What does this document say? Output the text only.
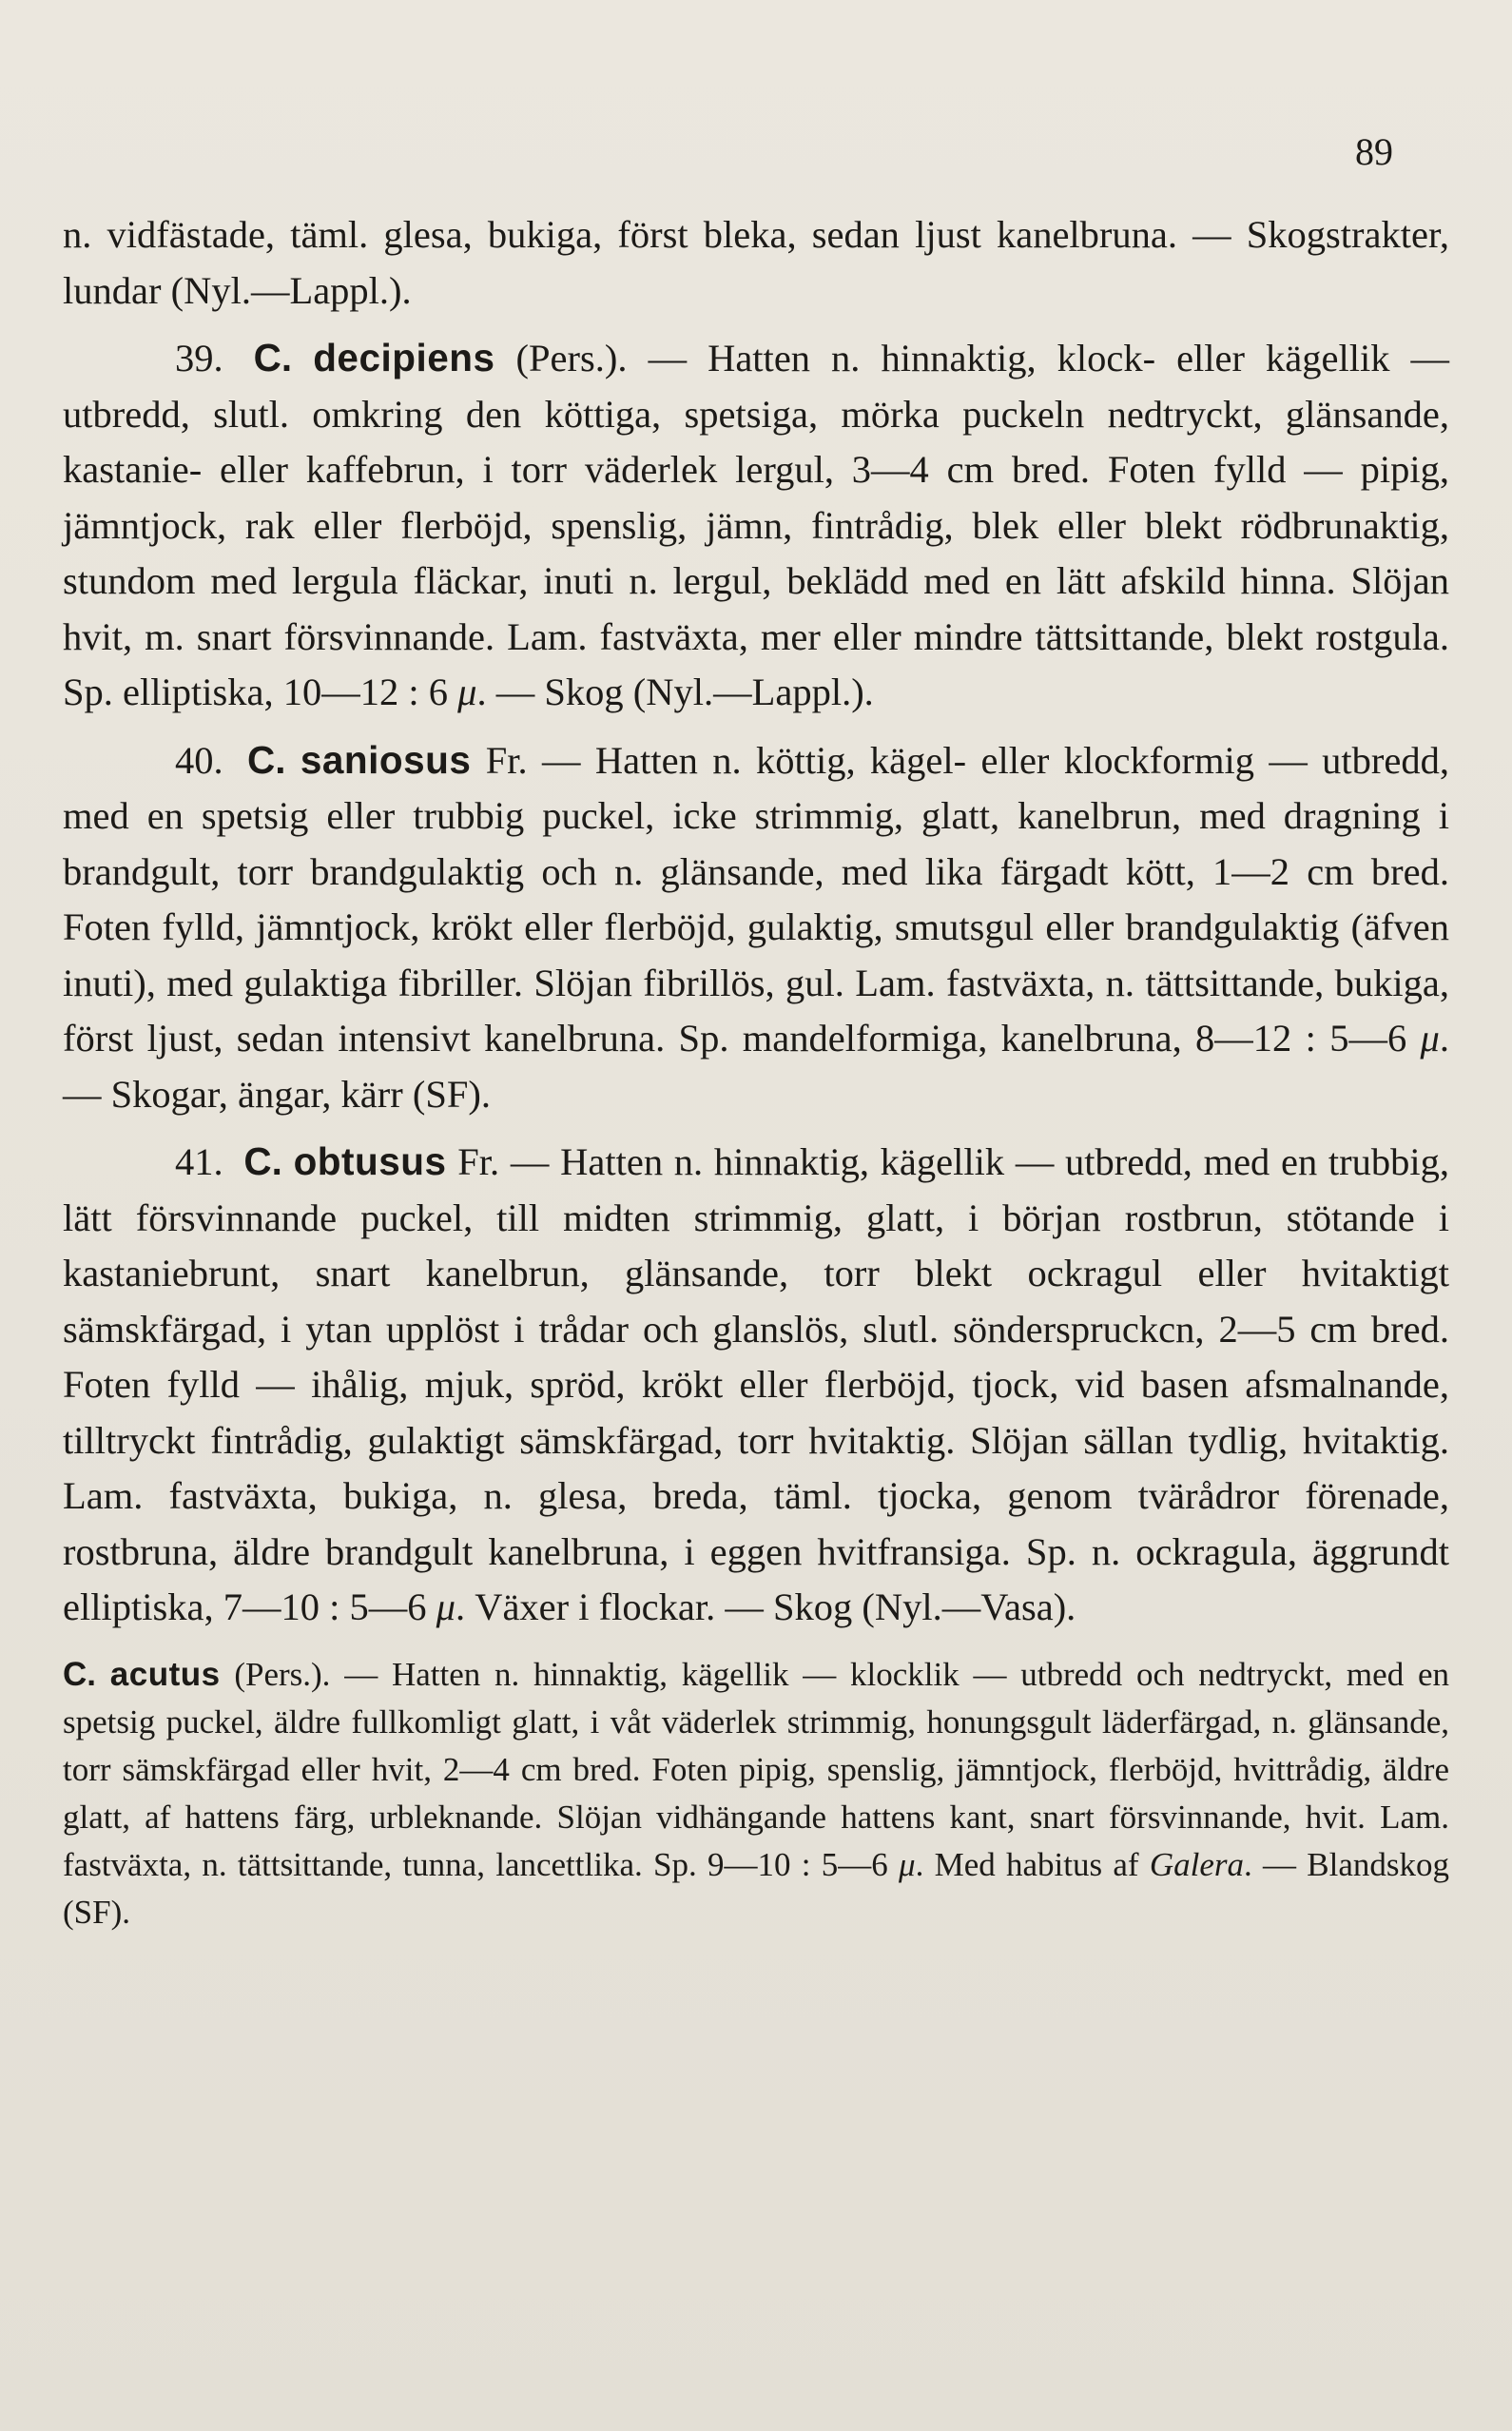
89

n. vidfästade, täml. glesa, bukiga, först bleka, sedan ljust kanelbruna. — Skogstrakter, lundar (Nyl.—Lappl.).

39. C. decipiens (Pers.). — Hatten n. hinnaktig, klock- eller kägellik — utbredd, slutl. omkring den köttiga, spetsiga, mörka puckeln nedtryckt, glänsande, kastanie- eller kaffebrun, i torr väderlek lergul, 3—4 cm bred. Foten fylld — pipig, jämntjock, rak eller flerböjd, spenslig, jämn, fintrådig, blek eller blekt rödbrunaktig, stundom med lergula fläckar, inuti n. lergul, beklädd med en lätt afskild hinna. Slöjan hvit, m. snart försvinnande. Lam. fastväxta, mer eller mindre tättsittande, blekt rostgula. Sp. elliptiska, 10—12 : 6 μ. — Skog (Nyl.—Lappl.).

40. C. saniosus Fr. — Hatten n. köttig, kägel- eller klockformig — utbredd, med en spetsig eller trubbig puckel, icke strimmig, glatt, kanelbrun, med dragning i brandgult, torr brandgulaktig och n. glänsande, med lika färgadt kött, 1—2 cm bred. Foten fylld, jämntjock, krökt eller flerböjd, gulaktig, smutsgul eller brandgulaktig (äfven inuti), med gulaktiga fibriller. Slöjan fibrillös, gul. Lam. fastväxta, n. tättsittande, bukiga, först ljust, sedan intensivt kanelbruna. Sp. mandelformiga, kanelbruna, 8—12 : 5—6 μ. — Skogar, ängar, kärr (SF).

41. C. obtusus Fr. — Hatten n. hinnaktig, kägellik — utbredd, med en trubbig, lätt försvinnande puckel, till midten strimmig, glatt, i början rostbrun, stötande i kastaniebrunt, snart kanelbrun, glänsande, torr blekt ockragul eller hvitaktigt sämskfärgad, i ytan upplöst i trådar och glanslös, slutl. sönderspruckcn, 2—5 cm bred. Foten fylld — ihålig, mjuk, spröd, krökt eller flerböjd, tjock, vid basen afsmalnande, tilltryckt fintrådig, gulaktigt sämskfärgad, torr hvitaktig. Slöjan sällan tydlig, hvitaktig. Lam. fastväxta, bukiga, n. glesa, breda, täml. tjocka, genom tvärådror förenade, rostbruna, äldre brandgult kanelbruna, i eggen hvitfransiga. Sp. n. ockragula, äggrundt elliptiska, 7—10 : 5—6 μ. Växer i flockar. — Skog (Nyl.—Vasa).

C. acutus (Pers.). — Hatten n. hinnaktig, kägellik — klocklik — utbredd och nedtryckt, med en spetsig puckel, äldre fullkomligt glatt, i våt väderlek strimmig, honungsgult läderfärgad, n. glänsande, torr sämskfärgad eller hvit, 2—4 cm bred. Foten pipig, spenslig, jämntjock, flerböjd, hvittrådig, äldre glatt, af hattens färg, urbleknande. Slöjan vidhängande hattens kant, snart försvinnande, hvit. Lam. fastväxta, n. tättsittande, tunna, lancettlika. Sp. 9—10 : 5—6 μ. Med habitus af Galera. — Blandskog (SF).
